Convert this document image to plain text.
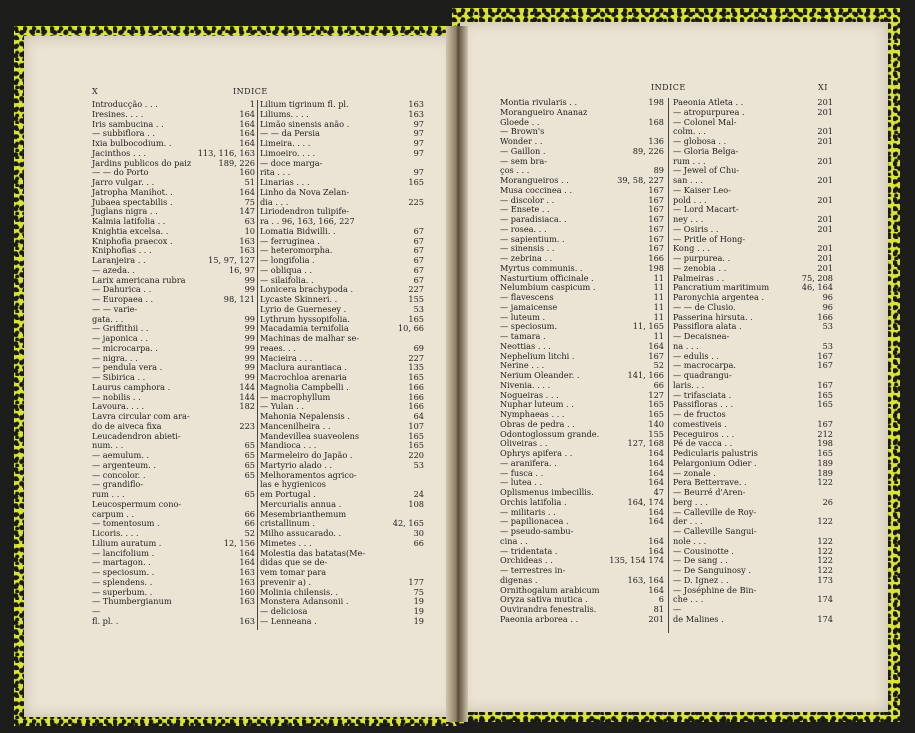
X	INDICE	INDICE	XI
Introducção . . .	1
Iresines. . . .	164
Iris sambucina . .	164
— subbiflora . .	164
Ixia bulbocodium. .	164
Jacinthos . . .	113, 116, 163
Jardins publicos do paiz	189, 226
— — do Porto	160
Jarro vulgar. . .	51
Jatropha Manihot. .	164
Jubaea spectabilis .	75
Juglans nigra . .	147
Kalmia latifolia . .	63
Knightia excelsa. .	10
Kniphofia praecox .	163
Kniphofias . . .	163
Laranjeira . .	15, 97, 127
— azeda. .	16, 97
Larix americana rubra	99
— Dahurica . .	99
— Europaea . .	98, 121
— — varie-
gata. . .	99
— Griffithii . .	99
— japonica . .	99
— microcarpa. .	99
— nigra. . .	99
— pendula vera .	99
— Sibirica . .	99
Laurus camphora .	144
— nobilis . .	144
Lavoura. . . .	182
Lavra circular com ara-
do de aiveca fixa	223
Leucadendron abieti-
num. . .	65
— aemulum. .	65
— argenteum. .	65
— concolor. .	65
— grandiflo-
rum . . .	65
Leucospermum cono-
carpum . .	66
— tomentosum .	66
Licoris. . . .	52
Lilium auratum .	12, 156
— lancifolium .	164
— martagon. .	164
— speciosum. .	163
— splendens. .	163
— superbum. .	160
— Thumbergianum	163
—
fl. pl. .	163
Lilium tigrinum fl. pl.	163
Liliums. . . .	163
Limão sinensis anão .	97
— — da Persia	97
Limeira. . . .	97
Limoeiro. . . .	97
— doce marga-
rita . . .	97
Linarias . . .	165
Linho da Nova Zelan-
dia . . .	225
Liriodendron tulipife-
ra . . 96, 163, 166, 227
Lomatia Bidwilli. .	67
— ferruginea .	67
— heteromorpha.	67
— longifolia .	67
— obliqua . .	67
— silaifolia. .	67
Lonicera brachypoda .	227
Lycaste Skinneri. .	155
Lyrio de Guernesey .	53
Lythrum hyssopifolia.	165
Macadamia ternifolia	10, 66
Machinas de malhar se-
reaes. . .	69
Macieira . . .	227
Maclura aurantiaca .	135
Macrochloa arenaria	165
Magnolia Campbelli .	166
— macrophyllum	166
— Yulan . .	166
Mahonia Nepalensis .	64
Mancenilheira . .	107
Mandevillea suaveolens	165
Mandioca . . .	165
Marmeleiro do Japão .	220
Martyrio alado . .	53
Melhoramentos agrico-
las e hygienicos
em Portugal .	24
Mercurialis annua .	108
Mesembrianthemum
cristallinum .	42, 165
Milho assucarado. .	30
Mimetes . . .	66
Molestia das batatas(Me-
didas que se de-
vem tomar para
prevenir a) .	177
Molinia chilensis. .	75
Monstera Adansonii .	19
— deliciosa	19
— Lenneana .	19
Montia rivularis . .	198
Morangueiro Ananaz
Gloede . .	168
— Brown's
Wonder . .	136
— Gaillon .	89, 226
— sem bra-
ços . . .	89
Morangueiros . .	39, 58, 227
Musa coccinea . .	167
— discolor . .	167
— Ensete . .	167
— paradisiaca. .	167
— rosea. . .	167
— sapientium. .	167
— sinensis . .	167
— zebrina . .	166
Myrtus communis. .	198
Nasturtium officinale .	11
Nelumbium caspicum .	11
— flavescens	11
— jamaicense	11
— luteum .	11
— speciosum.	11, 165
— tamara .	11
Neottias . . .	164
Nephelium litchi .	167
Nerine . . .	52
Nerium Oleander. .	141, 166
Nivenia. . . .	66
Nogueiras . . .	127
Nuphar luteum . .	165
Nymphaeas . . .	165
Obras de pedra . .	140
Odontoglossum grande.	155
Oliveiras . .	127, 168
Ophrys apifera . .	164
— aranifera. .	164
— fusca . .	164
— lutea . .	164
Oplismenus imbecillis.	47
Orchis latifolia .	164, 174
— militaris . .	164
— papilionacea .	164
— pseudo-sambu-
cina . .	164
— tridentata .	164
Orchideas . .	135, 154 174
— terrestres in-
digenas .	163, 164
Ornithogalum arabicum	164
Oryza sativa mutica .	6
Ouvirandra fenestralis.	81
Paeonia arborea . .	201
Paeonia Atleta . .	201
— atropurpurea .	201
— Colonel Mal-
colm. . .	201
— globosa . .	201
— Gloria Belga-
rum . . .	201
— Jewel of Chu-
san . . .	201
— Kaiser Leo-
pold . . .	201
— Lord Macart-
ney . . .	201
— Osiris . .	201
— Pritle of Hong-
Kong . . .	201
— purpurea. .	201
— zenobia . .	201
Palmeiras . .	75, 208
Pancratium maritimum	46, 164
Paronychia argentea .	96
— — de Clusio.	96
Passerina hirsuta. .	166
Passiflora alata .	53
— Decaisnea-
na . . .	53
— edulis . .	167
— macrocarpa.	167
— quadrangu-
laris. . .	167
— trifasciata .	165
Passifloras . . .	165
— de fructos
comestiveis .	167
Peceguiros . . .	212
Pé de vacca . .	198
Pedicularis palustris	165
Pelargonium Odier .	189
— zonale .	189
Pera Betterrave. .	122
— Beurré d'Aren-
berg . . .	26
— Calleville de Roy-
der . . .	122
— Calleville Sangui-
nole . . .	122
— Cousinotte .	122
— De sang . .	122
— De Sanguinosy .	122
— D. Ignez . .	173
— Joséphine de Bin-
che . . .	174
—
de Malines .	174
